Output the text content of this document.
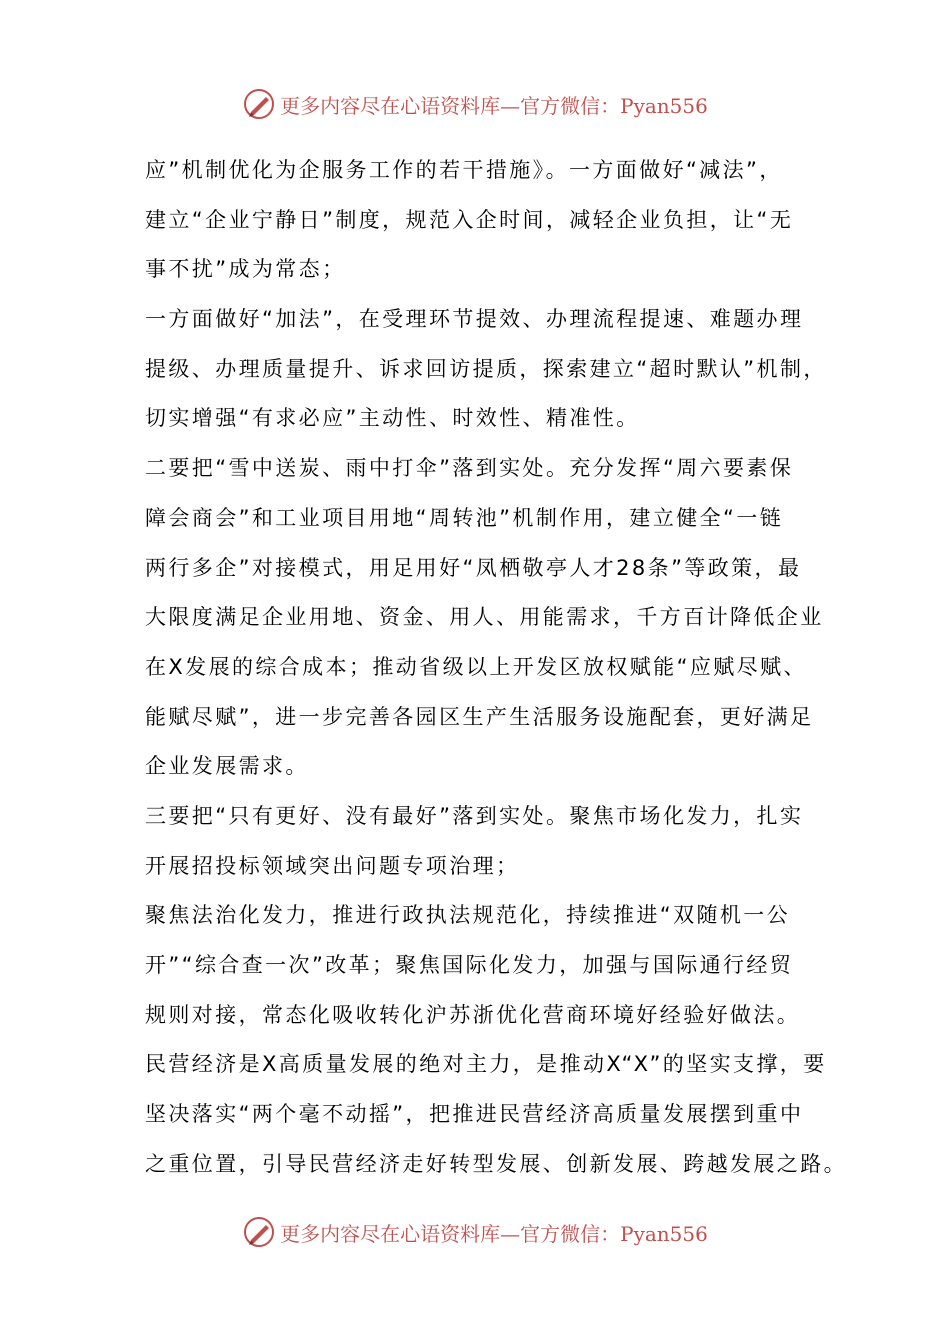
更多内容尽在心语资料库—官方微信：Pyan556
应”机制优化为企服务工作的若干措施》。一方面做好“减法”，
建立“企业宁静日”制度，规范入企时间，减轻企业负担，让“无
事不扰”成为常态；
一方面做好“加法”，在受理环节提效、办理流程提速、难题办理
提级、办理质量提升、诉求回访提质，探索建立“超时默认”机制，
切实增强“有求必应”主动性、时效性、精准性。
二要把“雪中送炭、雨中打伞”落到实处。充分发挥“周六要素保
障会商会”和工业项目用地“周转池”机制作用，建立健全“一链
两行多企”对接模式，用足用好“凤栖敬亭人才28条”等政策，最
大限度满足企业用地、资金、用人、用能需求，千方百计降低企业
在X发展的综合成本；推动省级以上开发区放权赋能“应赋尽赋、
能赋尽赋”，进一步完善各园区生产生活服务设施配套，更好满足
企业发展需求。
三要把“只有更好、没有最好”落到实处。聚焦市场化发力，扎实
开展招投标领域突出问题专项治理；
聚焦法治化发力，推进行政执法规范化，持续推进“双随机一公
开”“综合查一次”改革；聚焦国际化发力，加强与国际通行经贸
规则对接，常态化吸收转化沪苏浙优化营商环境好经验好做法。
民营经济是X高质量发展的绝对主力，是推动X“X”的坚实支撑，要
坚决落实“两个毫不动摇”，把推进民营经济高质量发展摆到重中
之重位置，引导民营经济走好转型发展、创新发展、跨越发展之路。
更多内容尽在心语资料库—官方微信：Pyan556
